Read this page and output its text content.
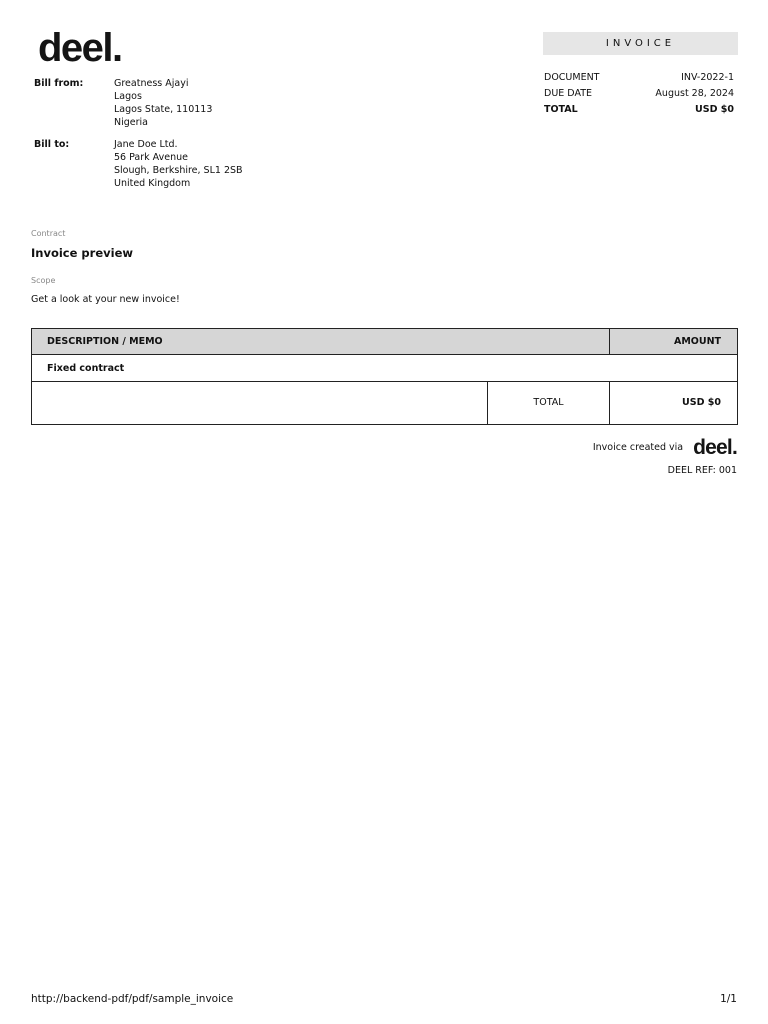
deel.	INVOICE
DOCUMENT	INV-2022-1
DUE DATE	August 28, 2024
TOTAL	USD $0
Bill from:	Greatness Ajayi
Lagos
Lagos State, 110113
Nigeria
Bill to:	Jane Doe Ltd.
56 Park Avenue
Slough, Berkshire, SL1 2SB
United Kingdom
Contract
Invoice preview
Scope
Get a look at your new invoice!
DESCRIPTION / MEMO	AMOUNT
Fixed contract
TOTAL	USD $0
Invoice created via deel.
DEEL REF: 001
http://backend-pdf/pdf/sample_invoice	1/1
